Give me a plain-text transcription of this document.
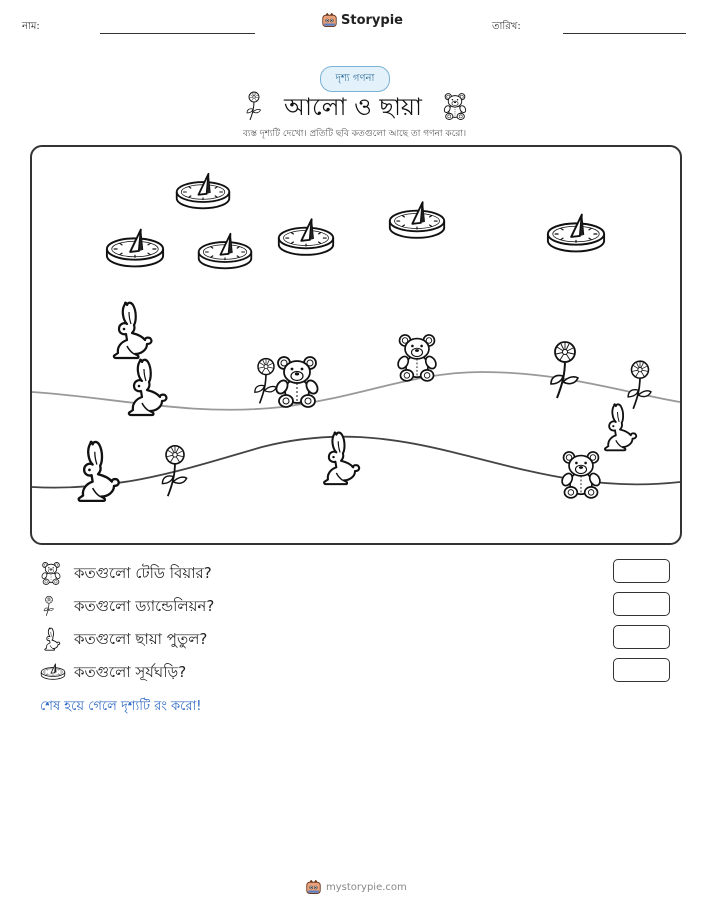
নাম:	Storypie	তারিখ:
দৃশ্য গণনা
আলো ও ছায়া
ব্যস্ত দৃশ্যটি দেখো। প্রতিটি ছবি কতগুলো আছে তা গণনা করো।
কতগুলো টেডি বিয়ার?
কতগুলো ড্যান্ডেলিয়ন?
কতগুলো ছায়া পুতুল?
কতগুলো সূর্যঘড়ি?
শেষ হয়ে গেলে দৃশ্যটি রং করো!
mystorypie.com
